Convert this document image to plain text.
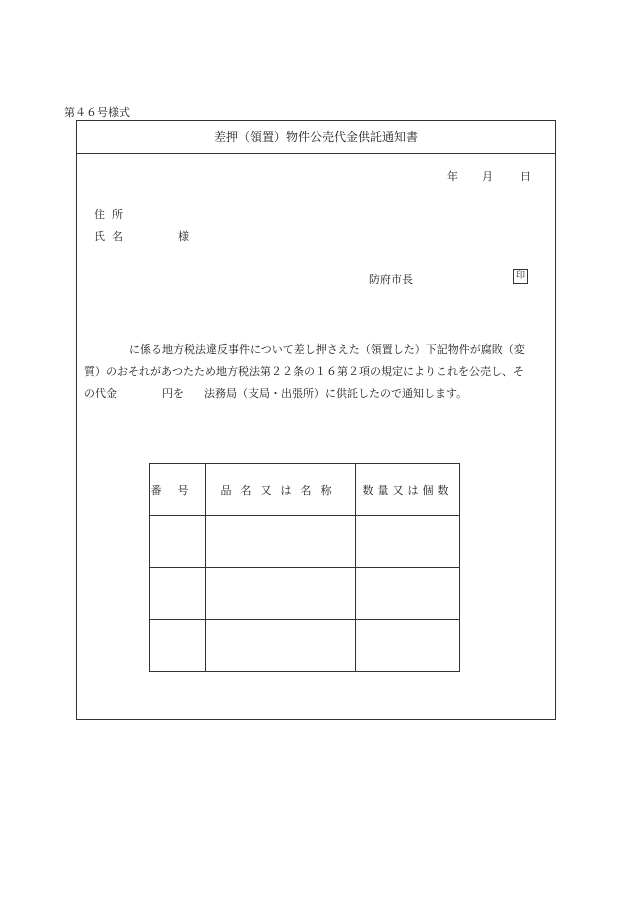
第４６号様式
差押（領置）物件公売代金供託通知書
年 月 日
住所
氏名	様
防府市長	印
に係る地方税法違反事件について差し押さえた（領置した）下記物件が腐敗（変
質）のおそれがあつたため地方税法第２２条の１６第２項の規定によりこれを公売し、そ
の代金	円を 法務局（支局・出張所）に供託したので通知します。
番号	品名又は名称	数量又は個数
